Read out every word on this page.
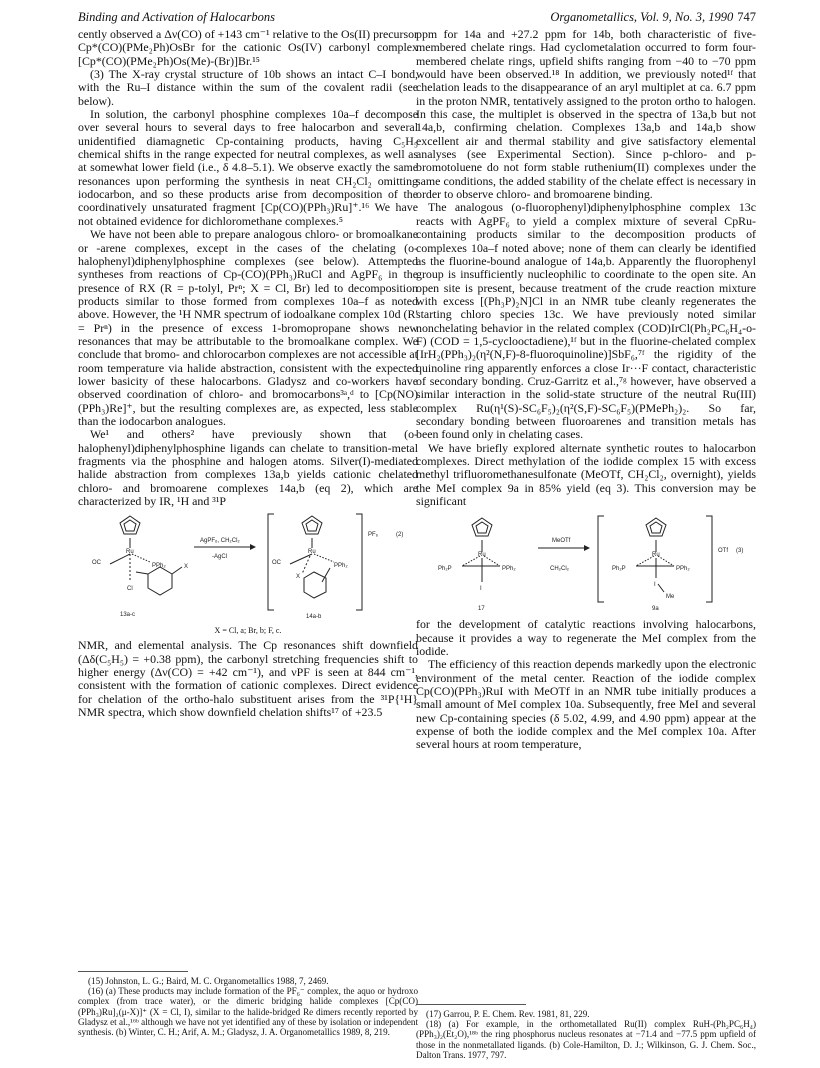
Binding and Activation of Halocarbons	Organometallics, Vol. 9, No. 3, 1990 747

cently observed a Δν(CO) of +143 cm⁻¹ relative to the Os(II) precursor Cp*(CO)(PMe₂Ph)OsBr for the cationic Os(IV) carbonyl complex [Cp*(CO)(PMe₂Ph)Os(Me)-(Br)]Br.¹⁵

(3) The X-ray crystal structure of 10b shows an intact C–I bond, with the Ru–I distance within the sum of the covalent radii (see below).

In solution, the carbonyl phosphine complexes 10a–f decompose over several hours to several days to free halocarbon and several unidentified diamagnetic Cp-containing products, having C₅H₅ chemical shifts in the range expected for neutral complexes, as well as at somewhat lower field (i.e., δ 4.8–5.1). We observe exactly the same resonances upon performing the synthesis in neat CH₂Cl₂ omitting iodocarbon, and so these products arise from decomposition of the coordinatively unsaturated fragment [Cp(CO)(PPh₃)Ru]⁺.¹⁶ We have not obtained evidence for dichloromethane complexes.⁵

We have not been able to prepare analogous chloro- or bromoalkane or -arene complexes, except in the cases of the chelating (o-halophenyl)diphenylphosphine complexes (see below). Attempted syntheses from reactions of Cp-(CO)(PPh₃)RuCl and AgPF₆ in the presence of RX (R = p-tolyl, Prⁿ; X = Cl, Br) led to decomposition products similar to those formed from complexes 10a–f as noted above. However, the ¹H NMR spectrum of iodoalkane complex 10d (R′ = Prⁿ) in the presence of excess 1-bromopropane shows new resonances that may be attributable to the bromoalkane complex. We conclude that bromo- and chlorocarbon complexes are not accessible at room temperature via halide abstraction, consistent with the expected lower basicity of these halocarbons. Gladysz and co-workers have observed coordination of chloro- and bromocarbons³ᵃ,ᵈ to [Cp(NO)(PPh₃)Re]⁺, but the resulting complexes are, as expected, less stable than the iodocarbon analogues.

We¹ and others² have previously shown that (o-halophenyl)diphenylphosphine ligands can chelate to transition-metal fragments via the phosphine and halogen atoms. Silver(I)-mediated halide abstraction from complexes 13a,b yields cationic chelated chloro- and bromoarene complexes 14a,b (eq 2), which are characterized by IR, ¹H and ³¹P

Ru
OC	PPh₂
Cl
X
13a-c
AgPF₆, CH₂Cl₂
-AgCl
Ru
OC	PPh₂
X
14a-b
PF₆	(2)
X = Cl, a; Br, b; F, c.

NMR, and elemental analysis. The Cp resonances shift downfield (Δδ(C₅H₅) = +0.38 ppm), the carbonyl stretching frequencies shift to higher energy (Δν(CO) = +42 cm⁻¹), and νPF is seen at 844 cm⁻¹, consistent with the formation of cationic complexes. Direct evidence for chelation of the ortho-halo substituent arises from the ³¹P{¹H} NMR spectra, which show downfield chelation shifts¹⁷ of +23.5

(15) Johnston, L. G.; Baird, M. C. Organometallics 1988, 7, 2469.

(16) (a) These products may include formation of the PF₆⁻ complex, the aquo or hydroxo complex (from trace water), or the dimeric bridging halide complexes [Cp(CO)(PPh₃)Ru]₂(μ-X)]⁺ (X = Cl, I), similar to the halide-bridged Re dimers recently reported by Gladysz et al.,¹⁶ᵇ although we have not yet identified any of these by isolation or independent synthesis. (b) Winter, C. H.; Arif, A. M.; Gladysz, J. A. Organometallics 1989, 8, 219.

ppm for 14a and +27.2 ppm for 14b, both characteristic of five-membered chelate rings. Had cyclometalation occurred to form four-membered chelate rings, upfield shifts ranging from −40 to −70 ppm would have been observed.¹⁸ In addition, we previously noted¹ᶠ that chelation leads to the disappearance of an aryl multiplet at ca. 6.7 ppm in the proton NMR, tentatively assigned to the proton ortho to halogen. In this case, the multiplet is observed in the spectra of 13a,b but not 14a,b, confirming chelation. Complexes 13a,b and 14a,b show excellent air and thermal stability and give satisfactory elemental analyses (see Experimental Section). Since p-chloro- and p-bromotoluene do not form stable ruthenium(II) complexes under the same conditions, the added stability of the chelate effect is necessary in order to observe chloro- and bromoarene binding.

The analogous (o-fluorophenyl)diphenylphosphine complex 13c reacts with AgPF₆ to yield a complex mixture of several CpRu-containing products similar to the decomposition products of complexes 10a–f noted above; none of them can clearly be identified as the fluorine-bound analogue of 14a,b. Apparently the fluorophenyl group is insufficiently nucleophilic to coordinate to the open site. An open site is present, because treatment of the crude reaction mixture with excess [(Ph₃P)₂N]Cl in an NMR tube cleanly regenerates the starting chloro species 13c. We have previously noted similar nonchelating behavior in the related complex (COD)IrCl(Ph₂PC₆H₄-o-F) (COD = 1,5-cyclooctadiene),¹ᶠ but in the fluorine-chelated complex [IrH₂(PPh₃)₂(η²(N,F)-8-fluoroquinoline)]SbF₆,⁷ᶠ the rigidity of the quinoline ring apparently enforces a close Ir···F contact, characteristic of secondary bonding. Cruz-Garritz et al.,⁷ᵍ however, have observed a similar interaction in the solid-state structure of the neutral Ru(III) complex Ru(η¹(S)-SC₆F₅)₂(η²(S,F)-SC₆F₅)(PMePh₂)₂. So far, secondary bonding between fluoroarenes and transition metals has been found only in chelating cases.

We have briefly explored alternate synthetic routes to halocarbon complexes. Direct methylation of the iodide complex 15 with excess methyl trifluoromethanesulfonate (MeOTf, CH₂Cl₂, overnight), yields the MeI complex 9a in 85% yield (eq 3). This conversion may be significant

Ru
Ph₂P	PPh₂
I
17
MeOTf
CH₂Cl₂
Ru
Ph₂P	PPh₂
I
Me
9a
OTf (3)

for the development of catalytic reactions involving halocarbons, because it provides a way to regenerate the MeI complex from the iodide.

The efficiency of this reaction depends markedly upon the electronic environment of the metal center. Reaction of the iodide complex Cp(CO)(PPh₃)RuI with MeOTf in an NMR tube initially produces a small amount of MeI complex 10a. Subsequently, free MeI and several new Cp-containing species (δ 5.02, 4.99, and 4.90 ppm) appear at the expense of both the iodide complex and the MeI complex 10a. After several hours at room temperature,

(17) Garrou, P. E. Chem. Rev. 1981, 81, 229.

(18) (a) For example, in the orthometallated Ru(II) complex RuH-(Ph₂PC₆H₄)(PPh₃)₂(Et₂O),¹⁸ᵇ the ring phosphorus nucleus resonates at −71.4 and −77.5 ppm upfield of those in the nonmetallated ligands. (b) Cole-Hamilton, D. J.; Wilkinson, G. J. Chem. Soc., Dalton Trans. 1977, 797.
